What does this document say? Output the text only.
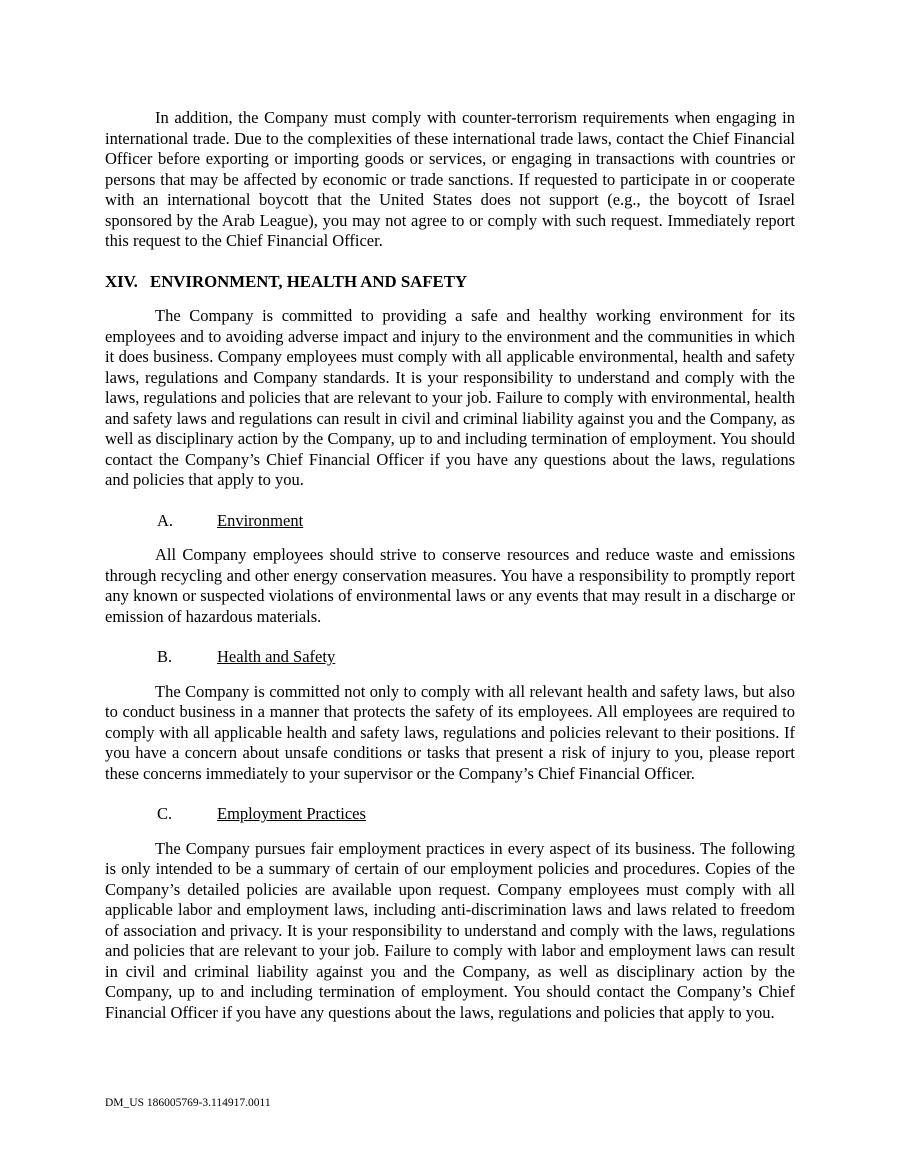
In addition, the Company must comply with counter-terrorism requirements when engaging in international trade. Due to the complexities of these international trade laws, contact the Chief Financial Officer before exporting or importing goods or services, or engaging in transactions with countries or persons that may be affected by economic or trade sanctions. If requested to participate in or cooperate with an international boycott that the United States does not support (e.g., the boycott of Israel sponsored by the Arab League), you may not agree to or comply with such request. Immediately report this request to the Chief Financial Officer.

XIV. ENVIRONMENT, HEALTH AND SAFETY

The Company is committed to providing a safe and healthy working environment for its employees and to avoiding adverse impact and injury to the environment and the communities in which it does business. Company employees must comply with all applicable environmental, health and safety laws, regulations and Company standards. It is your responsibility to understand and comply with the laws, regulations and policies that are relevant to your job. Failure to comply with environmental, health and safety laws and regulations can result in civil and criminal liability against you and the Company, as well as disciplinary action by the Company, up to and including termination of employment. You should contact the Company’s Chief Financial Officer if you have any questions about the laws, regulations and policies that apply to you.

A.	Environment

All Company employees should strive to conserve resources and reduce waste and emissions through recycling and other energy conservation measures. You have a responsibility to promptly report any known or suspected violations of environmental laws or any events that may result in a discharge or emission of hazardous materials.

B.	Health and Safety

The Company is committed not only to comply with all relevant health and safety laws, but also to conduct business in a manner that protects the safety of its employees. All employees are required to comply with all applicable health and safety laws, regulations and policies relevant to their positions. If you have a concern about unsafe conditions or tasks that present a risk of injury to you, please report these concerns immediately to your supervisor or the Company’s Chief Financial Officer.

C.	Employment Practices

The Company pursues fair employment practices in every aspect of its business. The following is only intended to be a summary of certain of our employment policies and procedures. Copies of the Company’s detailed policies are available upon request. Company employees must comply with all applicable labor and employment laws, including anti-discrimination laws and laws related to freedom of association and privacy. It is your responsibility to understand and comply with the laws, regulations and policies that are relevant to your job. Failure to comply with labor and employment laws can result in civil and criminal liability against you and the Company, as well as disciplinary action by the Company, up to and including termination of employment. You should contact the Company’s Chief Financial Officer if you have any questions about the laws, regulations and policies that apply to you.

DM_US 186005769-3.114917.0011
